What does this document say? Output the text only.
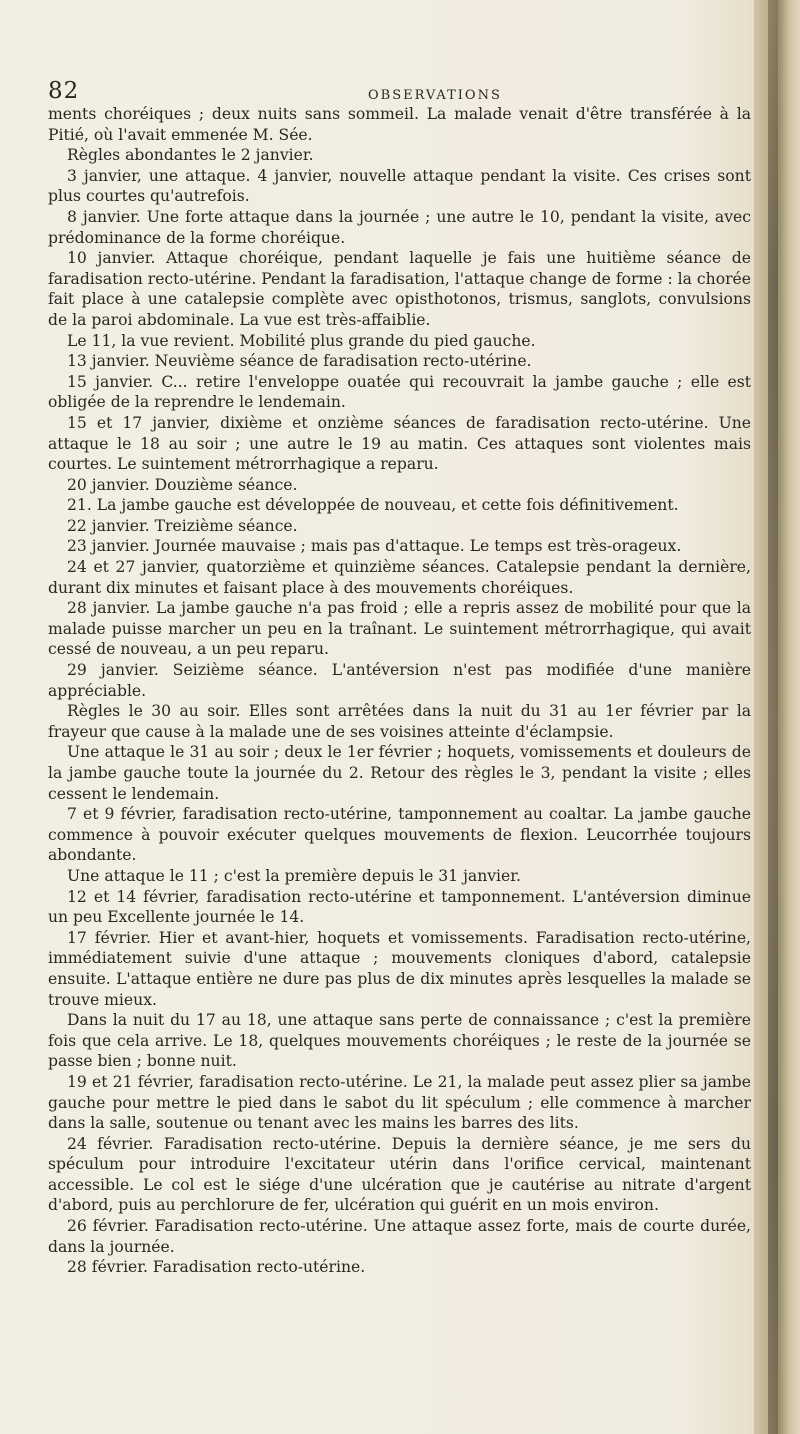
82	OBSERVATIONS

ments choréiques ; deux nuits sans sommeil. La malade venait d'être transférée à la Pitié, où l'avait emmenée M. Sée.

Règles abondantes le 2 janvier.

3 janvier, une attaque. 4 janvier, nouvelle attaque pendant la visite. Ces crises sont plus courtes qu'autrefois.

8 janvier. Une forte attaque dans la journée ; une autre le 10, pendant la visite, avec prédominance de la forme choréique.

10 janvier. Attaque choréique, pendant laquelle je fais une huitième séance de faradisation recto-utérine. Pendant la faradisation, l'attaque change de forme : la chorée fait place à une catalepsie complète avec opisthotonos, trismus, sanglots, convulsions de la paroi abdominale. La vue est très-affaiblie.

Le 11, la vue revient. Mobilité plus grande du pied gauche.

13 janvier. Neuvième séance de faradisation recto-utérine.

15 janvier. C... retire l'enveloppe ouatée qui recouvrait la jambe gauche ; elle est obligée de la reprendre le lendemain.

15 et 17 janvier, dixième et onzième séances de faradisation recto-utérine. Une attaque le 18 au soir ; une autre le 19 au matin. Ces attaques sont violentes mais courtes. Le suintement métrorrhagique a reparu.

20 janvier. Douzième séance.

21. La jambe gauche est développée de nouveau, et cette fois définitivement.

22 janvier. Treizième séance.

23 janvier. Journée mauvaise ; mais pas d'attaque. Le temps est très-orageux.

24 et 27 janvier, quatorzième et quinzième séances. Catalepsie pendant la dernière, durant dix minutes et faisant place à des mouvements choréiques.

28 janvier. La jambe gauche n'a pas froid ; elle a repris assez de mobilité pour que la malade puisse marcher un peu en la traînant. Le suintement métrorrhagique, qui avait cessé de nouveau, a un peu reparu.

29 janvier. Seizième séance. L'antéversion n'est pas modifiée d'une manière appréciable.

Règles le 30 au soir. Elles sont arrêtées dans la nuit du 31 au 1er février par la frayeur que cause à la malade une de ses voisines atteinte d'éclampsie.

Une attaque le 31 au soir ; deux le 1er février ; hoquets, vomissements et douleurs de la jambe gauche toute la journée du 2. Retour des règles le 3, pendant la visite ; elles cessent le lendemain.

7 et 9 février, faradisation recto-utérine, tamponnement au coaltar. La jambe gauche commence à pouvoir exécuter quelques mouvements de flexion. Leucorrhée toujours abondante.

Une attaque le 11 ; c'est la première depuis le 31 janvier.

12 et 14 février, faradisation recto-utérine et tamponnement. L'antéversion diminue un peu Excellente journée le 14.

17 février. Hier et avant-hier, hoquets et vomissements. Faradisation recto-utérine, immédiatement suivie d'une attaque ; mouvements cloniques d'abord, catalepsie ensuite. L'attaque entière ne dure pas plus de dix minutes après lesquelles la malade se trouve mieux.

Dans la nuit du 17 au 18, une attaque sans perte de connaissance ; c'est la première fois que cela arrive. Le 18, quelques mouvements choréiques ; le reste de la journée se passe bien ; bonne nuit.

19 et 21 février, faradisation recto-utérine. Le 21, la malade peut assez plier sa jambe gauche pour mettre le pied dans le sabot du lit spéculum ; elle commence à marcher dans la salle, soutenue ou tenant avec les mains les barres des lits.

24 février. Faradisation recto-utérine. Depuis la dernière séance, je me sers du spéculum pour introduire l'excitateur utérin dans l'orifice cervical, maintenant accessible. Le col est le siége d'une ulcération que je cautérise au nitrate d'argent d'abord, puis au perchlorure de fer, ulcération qui guérit en un mois environ.

26 février. Faradisation recto-utérine. Une attaque assez forte, mais de courte durée, dans la journée.

28 février. Faradisation recto-utérine.
